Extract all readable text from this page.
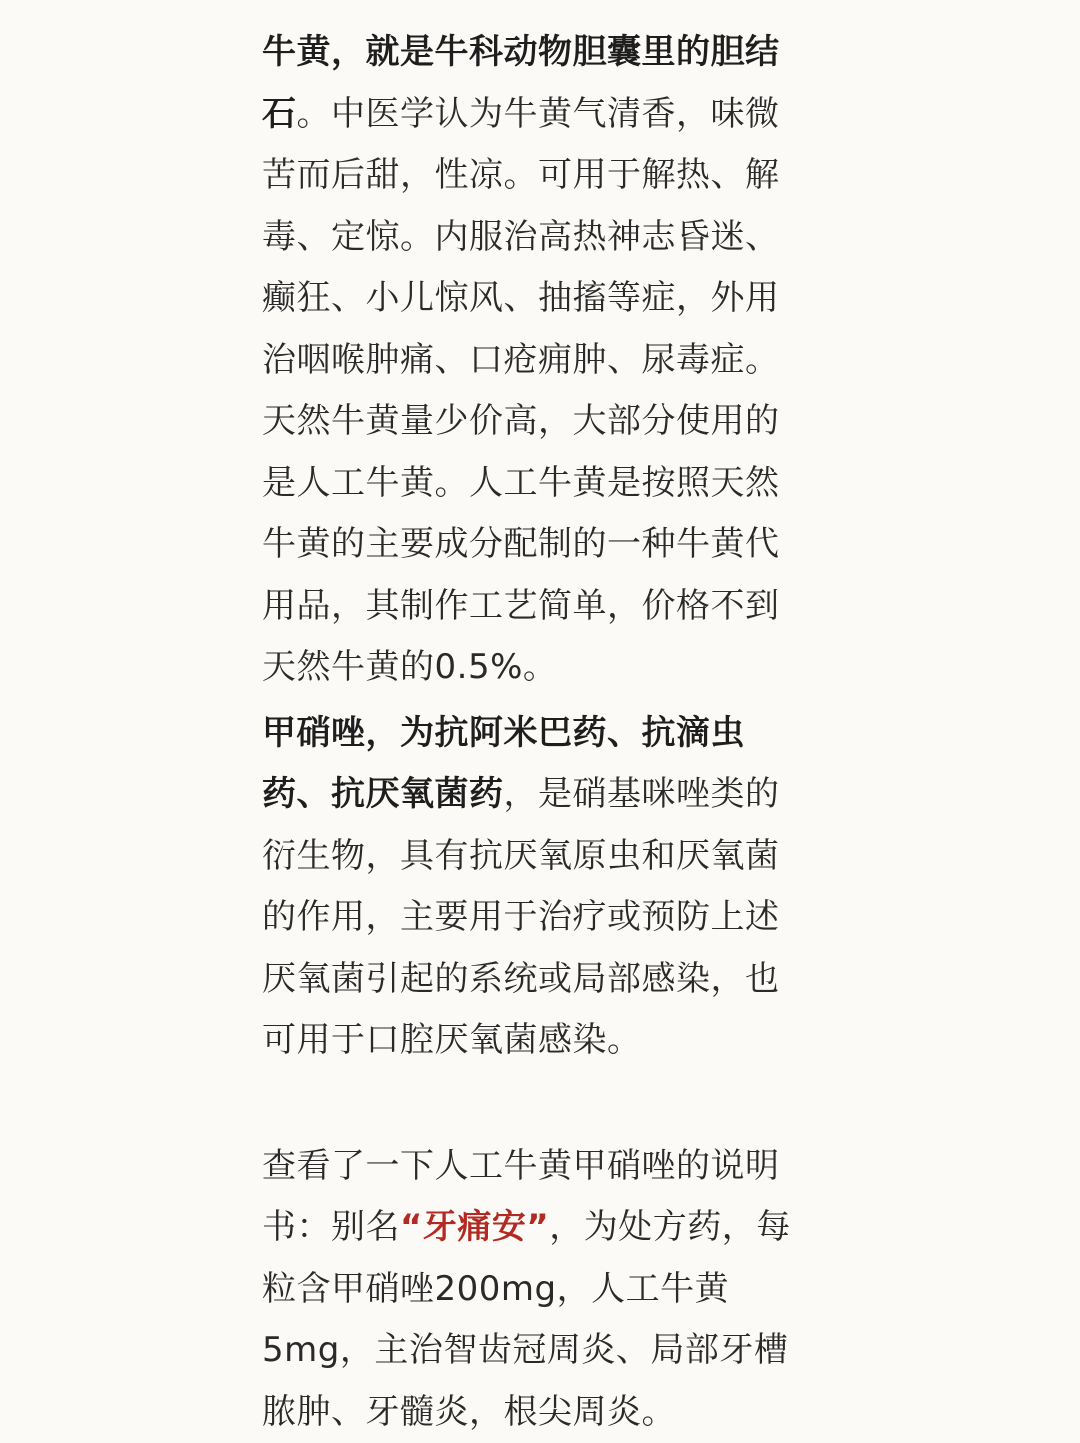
牛黄，就是牛科动物胆囊里的胆结石。中医学认为牛黄气清香，味微苦而后甜，性凉。可用于解热、解毒、定惊。内服治高热神志昏迷、癫狂、小儿惊风、抽搐等症，外用治咽喉肿痛、口疮痈肿、尿毒症。天然牛黄量少价高，大部分使用的是人工牛黄。人工牛黄是按照天然牛黄的主要成分配制的一种牛黄代用品，其制作工艺简单，价格不到天然牛黄的0.5%。

甲硝唑，为抗阿米巴药、抗滴虫药、抗厌氧菌药，是硝基咪唑类的衍生物，具有抗厌氧原虫和厌氧菌的作用，主要用于治疗或预防上述厌氧菌引起的系统或局部感染，也可用于口腔厌氧菌感染。

查看了一下人工牛黄甲硝唑的说明书：别名“牙痛安”，为处方药，每粒含甲硝唑200mg，人工牛黄5mg，主治智齿冠周炎、局部牙槽脓肿、牙髓炎，根尖周炎。
